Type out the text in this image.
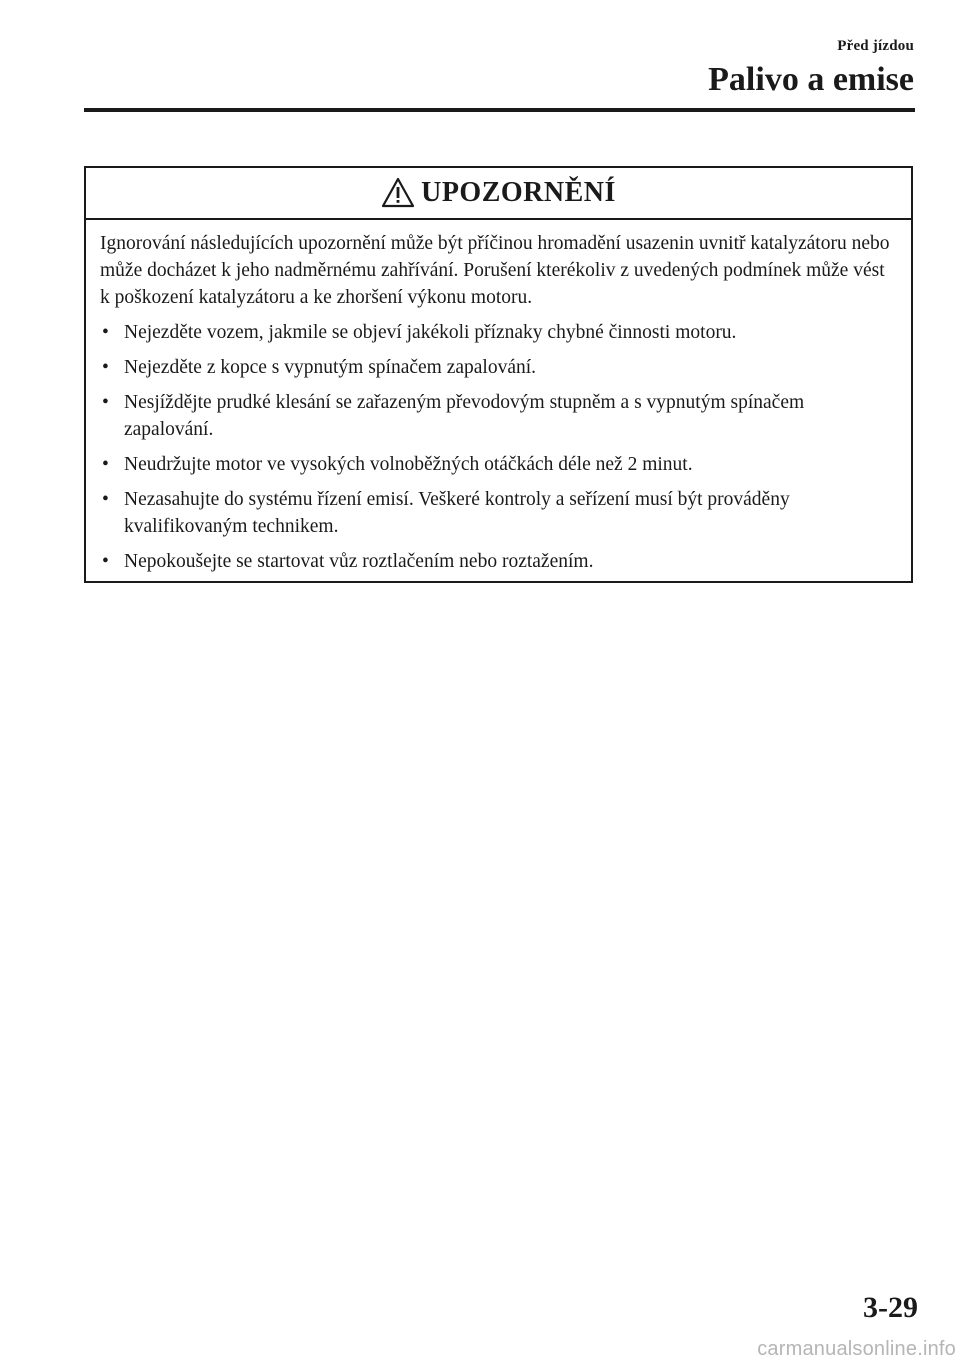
Před jízdou
Palivo a emise
UPOZORNĚNÍ

Ignorování následujících upozornění může být příčinou hromadění usazenin uvnitř katalyzátoru nebo může docházet k jeho nadměrnému zahřívání. Porušení kterékoliv z uvedených podmínek může vést k poškození katalyzátoru a ke zhoršení výkonu motoru.

• Nejezděte vozem, jakmile se objeví jakékoli příznaky chybné činnosti motoru.
• Nejezděte z kopce s vypnutým spínačem zapalování.
• Nesjíždějte prudké klesání se zařazeným převodovým stupněm a s vypnutým spínačem zapalování.
• Neudržujte motor ve vysokých volnoběžných otáčkách déle než 2 minut.
• Nezasahujte do systému řízení emisí. Veškeré kontroly a seřízení musí být prováděny kvalifikovaným technikem.
• Nepokoušejte se startovat vůz roztlačením nebo roztažením.
3-29
carmanualsonline.info
